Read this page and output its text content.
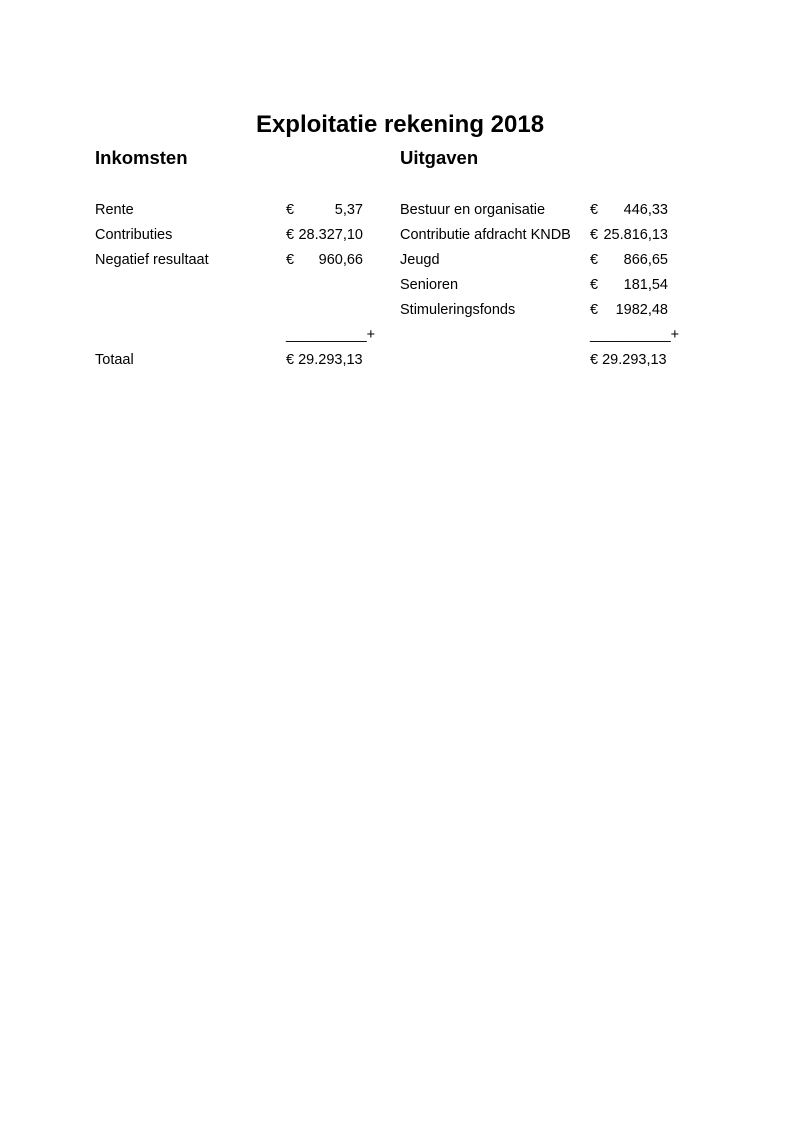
Exploitatie rekening 2018
Inkomsten	Uitgaven
Rente	€	5,37
Contributies	€ 28.327,10
Negatief resultaat	€ 960,66
Bestuur en organisatie	€ 446,33
Contributie afdracht KNDB € 25.816,13
Jeugd	€ 866,65
Senioren	€ 181,54
Stimuleringsfonds	€ 1982,48
__________+	__________+
Totaal	€ 29.293,13	€ 29.293,13
